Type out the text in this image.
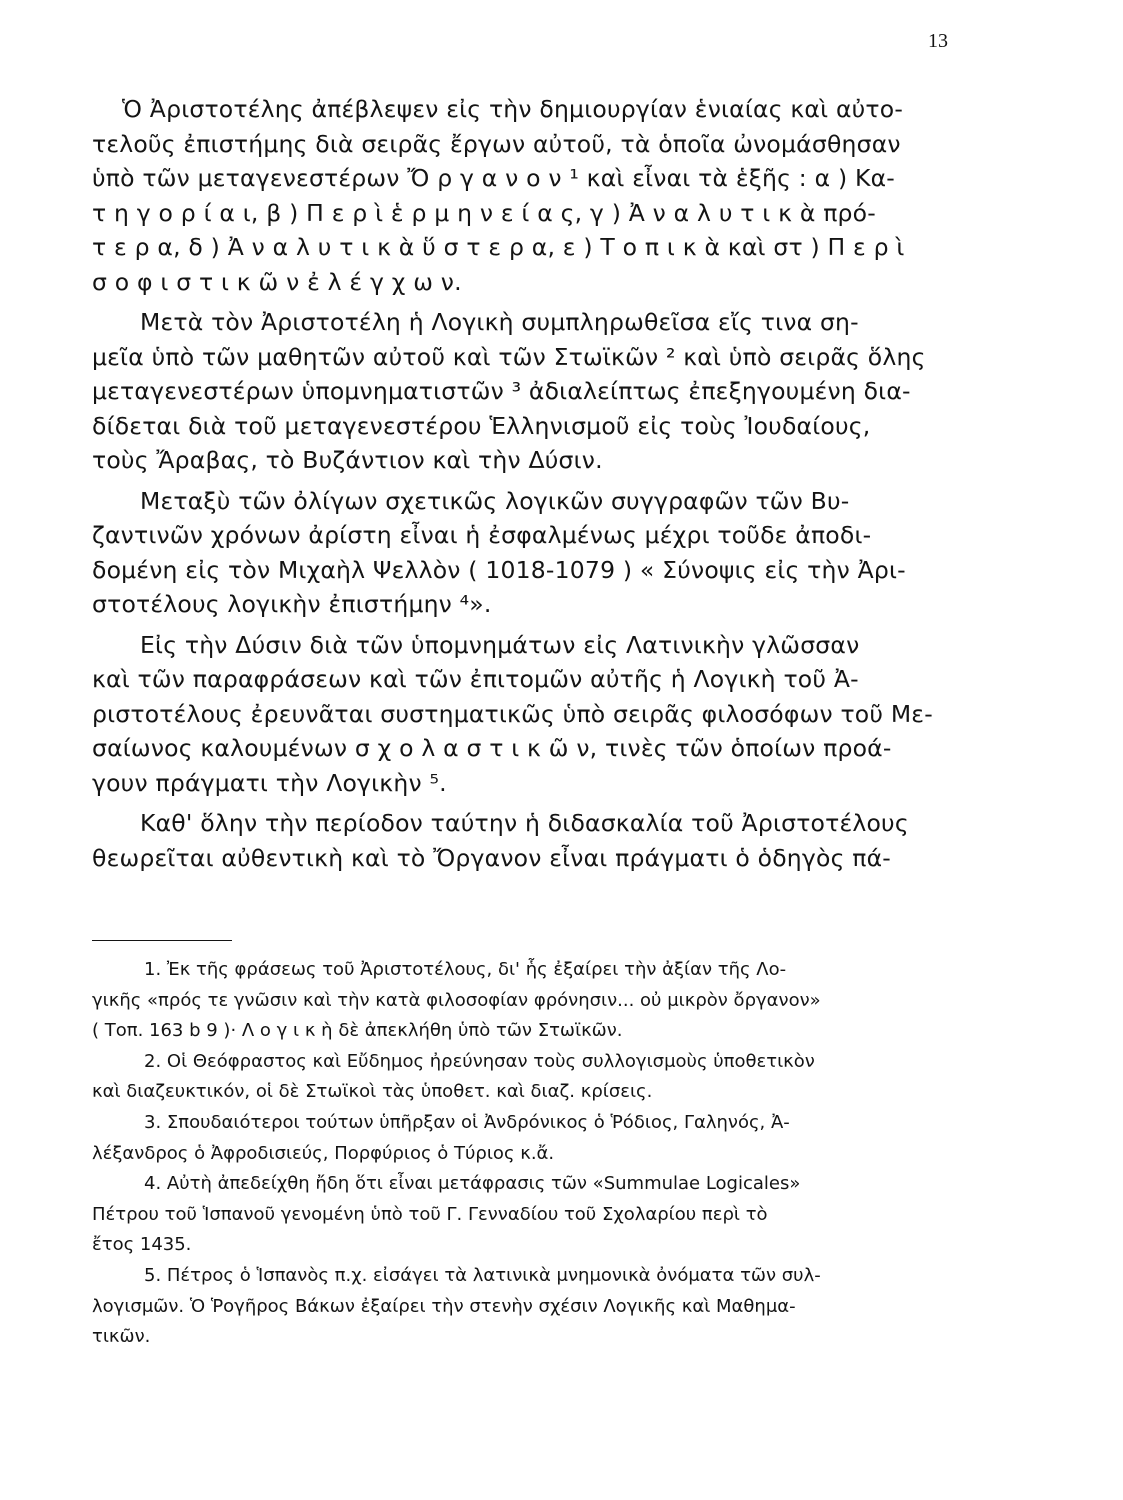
13
Ὁ Ἀριστοτέλης ἀπέβλεψεν εἰς τὴν δημιουργίαν ἑνιαίας καὶ αὐτο-
τελοῦς ἐπιστήμης διὰ σειρᾶς ἔργων αὐτοῦ, τὰ ὁποῖα ὠνομάσθησαν
ὑπὸ τῶν μεταγενεστέρων Ὄ ρ γ α ν ο ν ¹ καὶ εἶναι τὰ ἑξῆς : α ) Κα-
τ η γ ο ρ ί α ι, β ) Π ε ρ ὶ ἑ ρ μ η ν ε ί α ς, γ ) Ἀ ν α λ υ τ ι κ ὰ πρό-
τ ε ρ α, δ ) Ἀ ν α λ υ τ ι κ ὰ ὕ σ τ ε ρ α, ε ) Τ ο π ι κ ὰ καὶ στ ) Π ε ρ ὶ
σ ο φ ι σ τ ι κ ῶ ν ἐ λ έ γ χ ω ν.
Μετὰ τὸν Ἀριστοτέλη ἡ Λογικὴ συμπληρωθεῖσα εἴς τινα ση-
μεῖα ὑπὸ τῶν μαθητῶν αὐτοῦ καὶ τῶν Στωϊκῶν ² καὶ ὑπὸ σειρᾶς ὅλης
μεταγενεστέρων ὑπομνηματιστῶν ³ ἀδιαλείπτως ἐπεξηγουμένη δια-
δίδεται διὰ τοῦ μεταγενεστέρου Ἑλληνισμοῦ εἰς τοὺς Ἰουδαίους,
τοὺς Ἄραβας, τὸ Βυζάντιον καὶ τὴν Δύσιν.
Μεταξὺ τῶν ὀλίγων σχετικῶς λογικῶν συγγραφῶν τῶν Βυ-
ζαντινῶν χρόνων ἀρίστη εἶναι ἡ ἐσφαλμένως μέχρι τοῦδε ἀποδι-
δομένη εἰς τὸν Μιχαὴλ Ψελλὸν ( 1018-1079 ) « Σύνοψις εἰς τὴν Ἀρι-
στοτέλους λογικὴν ἐπιστήμην ⁴».
Εἰς τὴν Δύσιν διὰ τῶν ὑπομνημάτων εἰς Λατινικὴν γλῶσσαν
καὶ τῶν παραφράσεων καὶ τῶν ἐπιτομῶν αὐτῆς ἡ Λογικὴ τοῦ Ἀ-
ριστοτέλους ἐρευνᾶται συστηματικῶς ὑπὸ σειρᾶς φιλοσόφων τοῦ Με-
σαίωνος καλουμένων σ χ ο λ α σ τ ι κ ῶ ν, τινὲς τῶν ὁποίων προά-
γουν πράγματι τὴν Λογικὴν ⁵.
Καθ' ὅλην τὴν περίοδον ταύτην ἡ διδασκαλία τοῦ Ἀριστοτέλους
θεωρεῖται αὐθεντικὴ καὶ τὸ Ὄργανον εἶναι πράγματι ὁ ὁδηγὸς πά-
1. Ἐκ τῆς φράσεως τοῦ Ἀριστοτέλους, δι' ἧς ἐξαίρει τὴν ἀξίαν τῆς Λο-
γικῆς «πρός τε γνῶσιν καὶ τὴν κατὰ φιλοσοφίαν φρόνησιν... οὐ μικρὸν ὄργανον»
( Τοπ. 163 b 9 )· Λ ο γ ι κ ὴ δὲ ἀπεκλήθη ὑπὸ τῶν Στωϊκῶν.
2. Οἱ Θεόφραστος καὶ Εὔδημος ἠρεύνησαν τοὺς συλλογισμοὺς ὑποθετικὸν
καὶ διαζευκτικόν, οἱ δὲ Στωϊκοὶ τὰς ὑποθετ. καὶ διαζ. κρίσεις.
3. Σπουδαιότεροι τούτων ὑπῆρξαν οἱ Ἀνδρόνικος ὁ Ῥόδιος, Γαληνός, Ἀ-
λέξανδρος ὁ Ἀφροδισιεύς, Πορφύριος ὁ Τύριος κ.ἄ.
4. Αὐτὴ ἀπεδείχθη ἤδη ὅτι εἶναι μετάφρασις τῶν «Summulae Logicales»
Πέτρου τοῦ Ἱσπανοῦ γενομένη ὑπὸ τοῦ Γ. Γενναδίου τοῦ Σχολαρίου περὶ τὸ
ἔτος 1435.
5. Πέτρος ὁ Ἱσπανὸς π.χ. εἰσάγει τὰ λατινικὰ μνημονικὰ ὀνόματα τῶν συλ-
λογισμῶν. Ὁ Ῥογῆρος Βάκων ἐξαίρει τὴν στενὴν σχέσιν Λογικῆς καὶ Μαθημα-
τικῶν.
